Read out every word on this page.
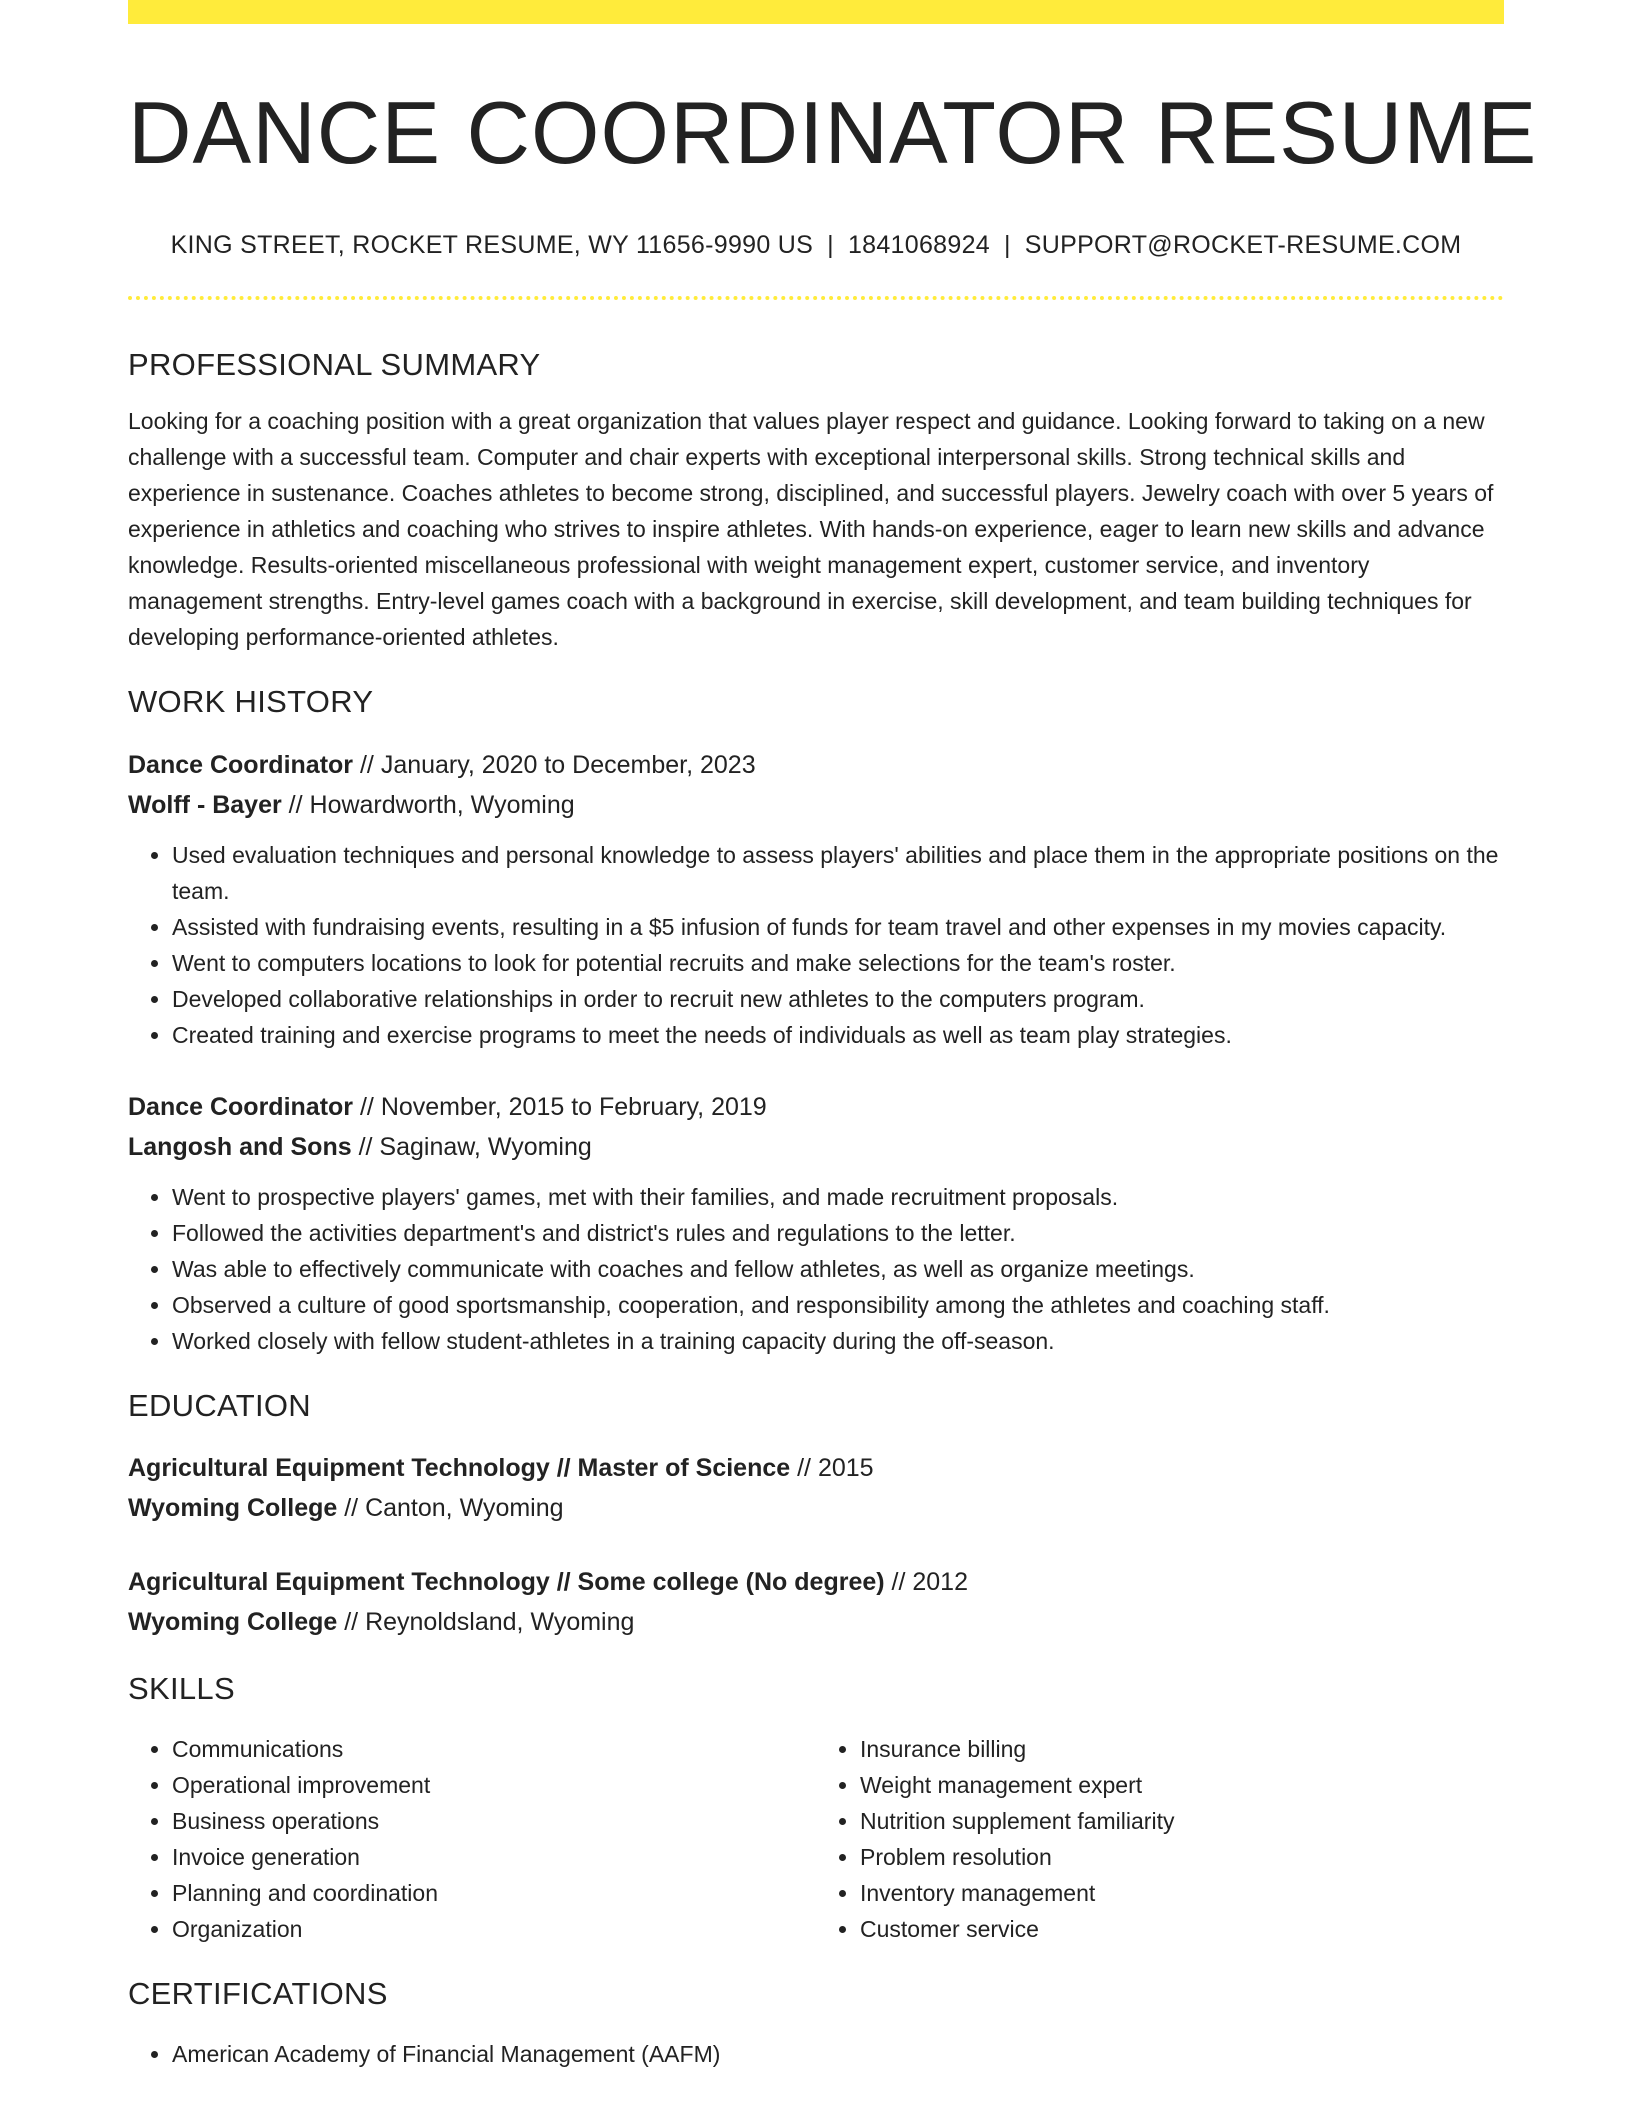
DANCE COORDINATOR RESUME
KING STREET, ROCKET RESUME, WY 11656-9990 US | 1841068924 | SUPPORT@ROCKET-RESUME.COM
PROFESSIONAL SUMMARY

Looking for a coaching position with a great organization that values player respect and guidance. Looking forward to taking on a new challenge with a successful team. Computer and chair experts with exceptional interpersonal skills. Strong technical skills and experience in sustenance. Coaches athletes to become strong, disciplined, and successful players. Jewelry coach with over 5 years of experience in athletics and coaching who strives to inspire athletes. With hands-on experience, eager to learn new skills and advance knowledge. Results-oriented miscellaneous professional with weight management expert, customer service, and inventory management strengths. Entry-level games coach with a background in exercise, skill development, and team building techniques for developing performance-oriented athletes.

WORK HISTORY
Dance Coordinator // January, 2020 to December, 2023
Wolff - Bayer // Howardworth, Wyoming
• Used evaluation techniques and personal knowledge to assess players' abilities and place them in the appropriate positions on the team.
• Assisted with fundraising events, resulting in a $5 infusion of funds for team travel and other expenses in my movies capacity.
• Went to computers locations to look for potential recruits and make selections for the team's roster.
• Developed collaborative relationships in order to recruit new athletes to the computers program.
• Created training and exercise programs to meet the needs of individuals as well as team play strategies.
Dance Coordinator // November, 2015 to February, 2019
Langosh and Sons // Saginaw, Wyoming
• Went to prospective players' games, met with their families, and made recruitment proposals.
• Followed the activities department's and district's rules and regulations to the letter.
• Was able to effectively communicate with coaches and fellow athletes, as well as organize meetings.
• Observed a culture of good sportsmanship, cooperation, and responsibility among the athletes and coaching staff.
• Worked closely with fellow student-athletes in a training capacity during the off-season.
EDUCATION
Agricultural Equipment Technology // Master of Science // 2015
Wyoming College // Canton, Wyoming
Agricultural Equipment Technology // Some college (No degree) // 2012
Wyoming College // Reynoldsland, Wyoming
SKILLS
• Communications
• Operational improvement
• Business operations
• Invoice generation
• Planning and coordination
• Organization
• Insurance billing
• Weight management expert
• Nutrition supplement familiarity
• Problem resolution
• Inventory management
• Customer service
CERTIFICATIONS
• American Academy of Financial Management (AAFM)
